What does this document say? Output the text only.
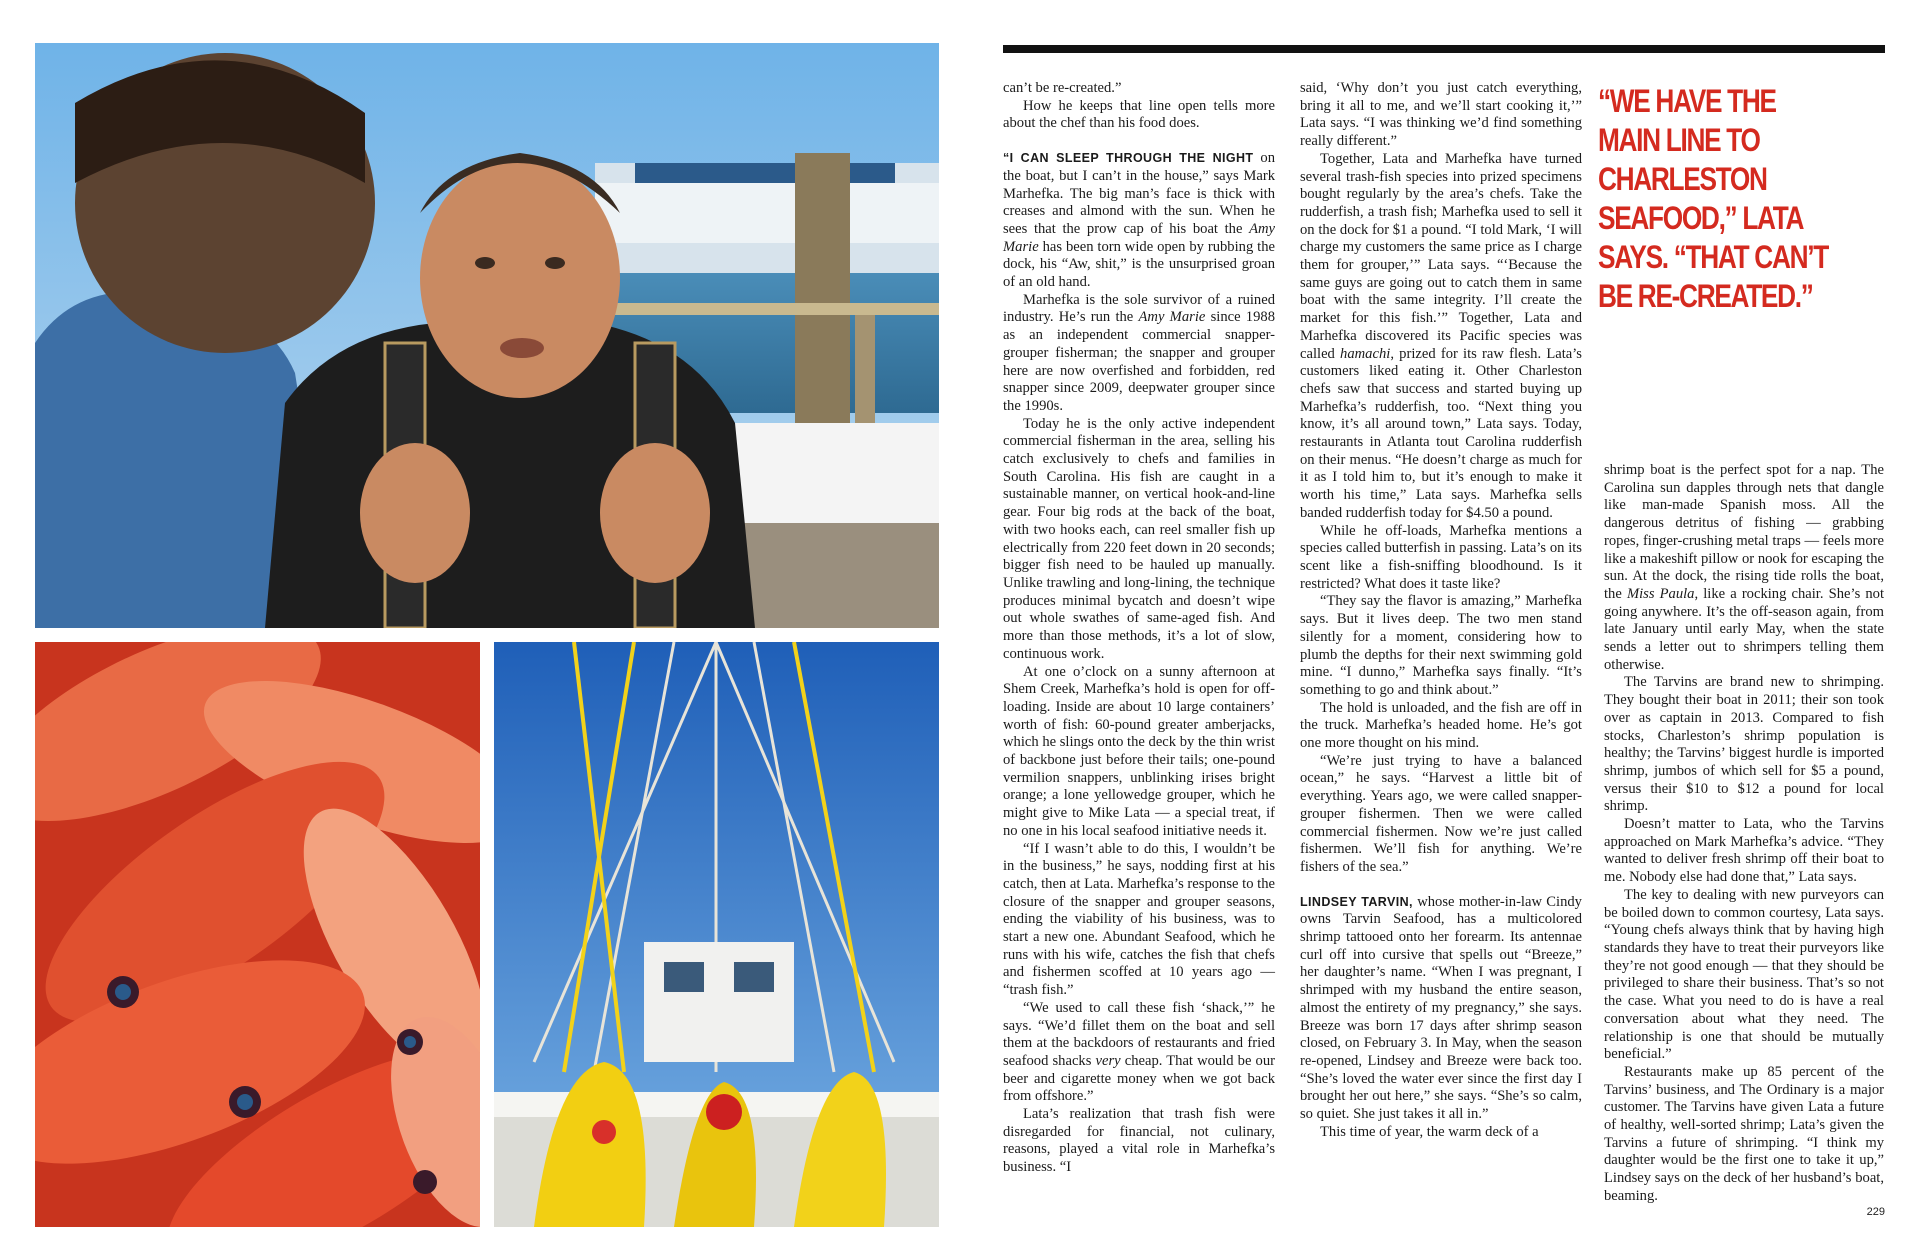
can’t be re-created.”

How he keeps that line open tells more about the chef than his food does.

“I CAN SLEEP THROUGH THE NIGHT on the boat, but I can’t in the house,” says Mark Marhefka. The big man’s face is thick with creases and almond with the sun. When he sees that the prow cap of his boat the Amy Marie has been torn wide open by rubbing the dock, his “Aw, shit,” is the unsurprised groan of an old hand.

Marhefka is the sole survivor of a ruined industry. He’s run the Amy Marie since 1988 as an independent commercial snapper-grouper fisherman; the snapper and grouper here are now overfished and forbidden, red snapper since 2009, deepwater grouper since the 1990s.

Today he is the only active independent commercial fisherman in the area, selling his catch exclusively to chefs and families in South Carolina. His fish are caught in a sustainable manner, on vertical hook-and-line gear. Four big rods at the back of the boat, with two hooks each, can reel smaller fish up electrically from 220 feet down in 20 seconds; bigger fish need to be hauled up manually. Unlike trawling and long-lining, the technique produces minimal bycatch and doesn’t wipe out whole swathes of same-aged fish. And more than those methods, it’s a lot of slow, continuous work.

At one o’clock on a sunny afternoon at Shem Creek, Marhefka’s hold is open for off-loading. Inside are about 10 large containers’ worth of fish: 60-pound greater amberjacks, which he slings onto the deck by the thin wrist of backbone just before their tails; one-pound vermilion snappers, unblinking irises bright orange; a lone yellowedge grouper, which he might give to Mike Lata — a special treat, if no one in his local seafood initiative needs it.

“If I wasn’t able to do this, I wouldn’t be in the business,” he says, nodding first at his catch, then at Lata. Marhefka’s response to the closure of the snapper and grouper seasons, ending the viability of his business, was to start a new one. Abundant Seafood, which he runs with his wife, catches the fish that chefs and fishermen scoffed at 10 years ago — “trash fish.”

“We used to call these fish ‘shack,’” he says. “We’d fillet them on the boat and sell them at the backdoors of restaurants and fried seafood shacks very cheap. That would be our beer and cigarette money when we got back from offshore.”

Lata’s realization that trash fish were disregarded for financial, not culinary, reasons, played a vital role in Marhefka’s business. “I

said, ‘Why don’t you just catch everything, bring it all to me, and we’ll start cooking it,’” Lata says. “I was thinking we’d find something really different.”

Together, Lata and Marhefka have turned several trash-fish species into prized specimens bought regularly by the area’s chefs. Take the rudderfish, a trash fish; Marhefka used to sell it on the dock for $1 a pound. “I told Mark, ‘I will charge my customers the same price as I charge them for grouper,’” Lata says. “‘Because the same guys are going out to catch them in same boat with the same integrity. I’ll create the market for this fish.’” Together, Lata and Marhefka discovered its Pacific species was called hamachi, prized for its raw flesh. Lata’s customers liked eating it. Other Charleston chefs saw that success and started buying up Marhefka’s rudderfish, too. “Next thing you know, it’s all around town,” Lata says. Today, restaurants in Atlanta tout Carolina rudderfish on their menus. “He doesn’t charge as much for it as I told him to, but it’s enough to make it worth his time,” Lata says. Marhefka sells banded rudderfish today for $4.50 a pound.

While he off-loads, Marhefka mentions a species called butterfish in passing. Lata’s on its scent like a fish-sniffing bloodhound. Is it restricted? What does it taste like?

“They say the flavor is amazing,” Marhefka says. But it lives deep. The two men stand silently for a moment, considering how to plumb the depths for their next swimming gold mine. “I dunno,” Marhefka says finally. “It’s something to go and think about.”

The hold is unloaded, and the fish are off in the truck. Marhefka’s headed home. He’s got one more thought on his mind.

“We’re just trying to have a balanced ocean,” he says. “Harvest a little bit of everything. Years ago, we were called snapper-grouper fishermen. Then we were called commercial fishermen. Now we’re just called fishermen. We’ll fish for anything. We’re fishers of the sea.”

LINDSEY TARVIN, whose mother-in-law Cindy owns Tarvin Seafood, has a multicolored shrimp tattooed onto her forearm. Its antennae curl off into cursive that spells out “Breeze,” her daughter’s name. “When I was pregnant, I shrimped with my husband the entire season, almost the entirety of my pregnancy,” she says. Breeze was born 17 days after shrimp season closed, on February 3. In May, when the season re-opened, Lindsey and Breeze were back too. “She’s loved the water ever since the first day I brought her out here,” she says. “She’s so calm, so quiet. She just takes it all in.”

This time of year, the warm deck of a

“WE HAVE THE MAIN LINE TO CHARLESTON SEAFOOD,” LATA SAYS. “THAT CAN’T BE RE-CREATED.”

shrimp boat is the perfect spot for a nap. The Carolina sun dapples through nets that dangle like man-made Spanish moss. All the dangerous detritus of fishing — grabbing ropes, finger-crushing metal traps — feels more like a makeshift pillow or nook for escaping the sun. At the dock, the rising tide rolls the boat, the Miss Paula, like a rocking chair. She’s not going anywhere. It’s the off-season again, from late January until early May, when the state sends a letter out to shrimpers telling them otherwise.

The Tarvins are brand new to shrimping. They bought their boat in 2011; their son took over as captain in 2013. Compared to fish stocks, Charleston’s shrimp population is healthy; the Tarvins’ biggest hurdle is imported shrimp, jumbos of which sell for $5 a pound, versus their $10 to $12 a pound for local shrimp.

Doesn’t matter to Lata, who the Tarvins approached on Mark Marhefka’s advice. “They wanted to deliver fresh shrimp off their boat to me. Nobody else had done that,” Lata says.

The key to dealing with new purveyors can be boiled down to common courtesy, Lata says. “Young chefs always think that by having high standards they have to treat their purveyors like they’re not good enough — that they should be privileged to share their business. That’s so not the case. What you need to do is have a real conversation about what they need. The relationship is one that should be mutually beneficial.”

Restaurants make up 85 percent of the Tarvins’ business, and The Ordinary is a major customer. The Tarvins have given Lata a future of healthy, well-sorted shrimp; Lata’s given the Tarvins a future of shrimping. “I think my daughter would be the first one to take it up,” Lindsey says on the deck of her husband’s boat, beaming.

229
